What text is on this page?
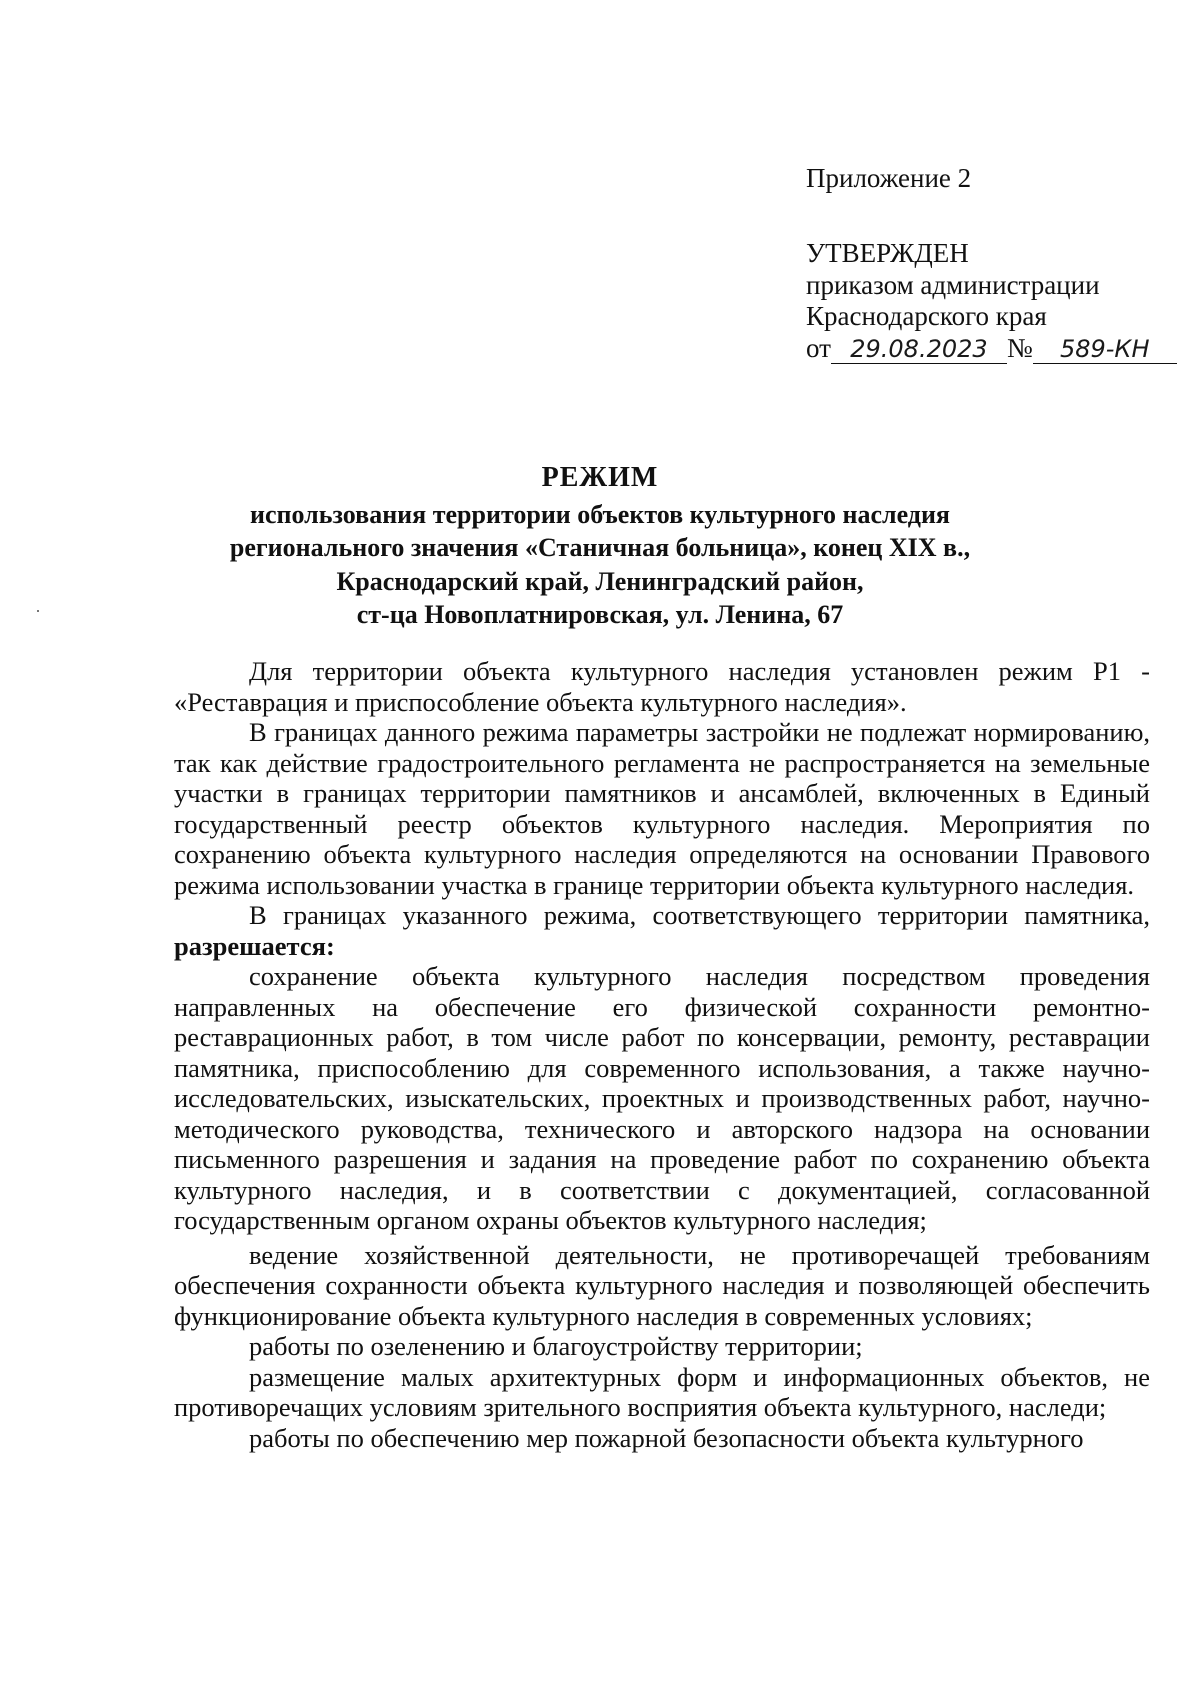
Приложение 2
УТВЕРЖДЕН
приказом администрации
Краснодарского края
от 29.08.2023 № 589-КН
РЕЖИМ
использования территории объектов культурного наследия
регионального значения «Станичная больница», конец XIX в.,
Краснодарский край, Ленинградский район,
ст-ца Новоплатнировская, ул. Ленина, 67

Для территории объекта культурного наследия установлен режим Р1 - «Реставрация и приспособление объекта культурного наследия».

В границах данного режима параметры застройки не подлежат нормированию, так как действие градостроительного регламента не распространяется на земельные участки в границах территории памятников и ансамблей, включенных в Единый государственный реестр объектов культурного наследия. Мероприятия по сохранению объекта культурного наследия определяются на основании Правового режима использовании участка в границе территории объекта культурного наследия.

В границах указанного режима, соответствующего территории памятника, разрешается:

сохранение объекта культурного наследия посредством проведения направленных на обеспечение его физической сохранности ремонтно-реставрационных работ, в том числе работ по консервации, ремонту, реставрации памятника, приспособлению для современного использования, а также научно-исследовательских, изыскательских, проектных и производственных работ, научно-методического руководства, технического и авторского надзора на основании письменного разрешения и задания на проведение работ по сохранению объекта культурного наследия, и в соответствии с документацией, согласованной государственным органом охраны объектов культурного наследия;

ведение хозяйственной деятельности, не противоречащей требованиям обеспечения сохранности объекта культурного наследия и позволяющей обеспечить функционирование объекта культурного наследия в современных условиях;

работы по озеленению и благоустройству территории;

размещение малых архитектурных форм и информационных объектов, не противоречащих условиям зрительного восприятия объекта культурного, наследи;

работы по обеспечению мер пожарной безопасности объекта культурного
